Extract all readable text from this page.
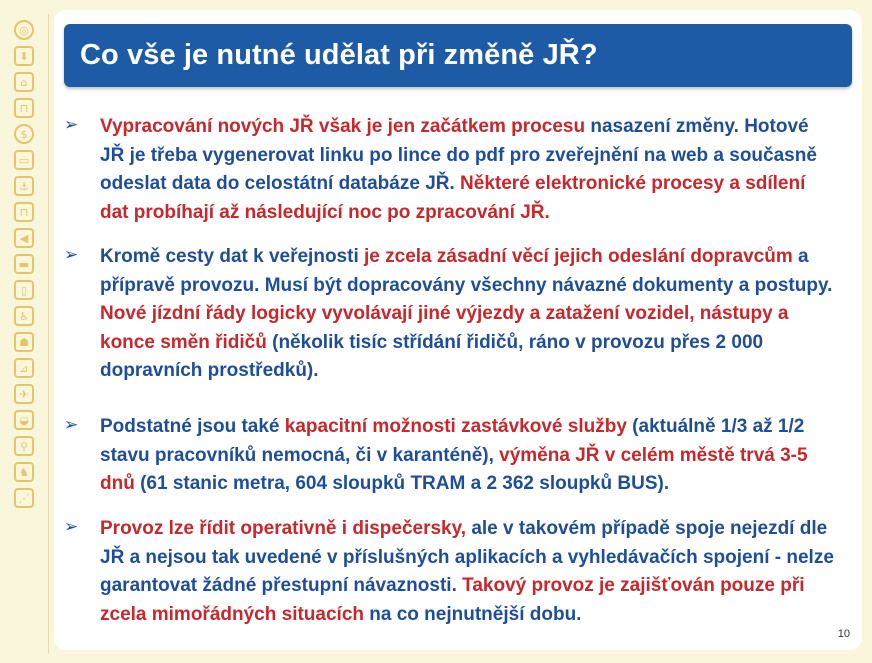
◎
⬇
⌂
⊓
$
▭
⚓
⊓
◀
▬
▯
♿
☗
⊿
✈
◒
⚲
♞
⋰
Co vše je nutné udělat při změně JŘ?
➢	Vypracování nových JŘ však je jen začátkem procesu nasazení změny. Hotové JŘ je třeba vygenerovat linku po lince do pdf pro zveřejnění na web a současně odeslat data do celostátní databáze JŘ. Některé elektronické procesy a sdílení dat probíhají až následující noc po zpracování JŘ.

➢	Kromě cesty dat k veřejnosti je zcela zásadní věcí jejich odeslání dopravcům a přípravě provozu. Musí být dopracovány všechny návazné dokumenty a postupy. Nové jízdní řády logicky vyvolávají jiné výjezdy a zatažení vozidel, nástupy a konce směn řidičů (několik tisíc střídání řidičů, ráno v provozu přes 2 000 dopravních prostředků).

➢	Podstatné jsou také kapacitní možnosti zastávkové služby (aktuálně 1/3 až 1/2 stavu pracovníků nemocná, či v karanténě), výměna JŘ v celém městě trvá 3-5 dnů (61 stanic metra, 604 sloupků TRAM a 2 362 sloupků BUS).

➢	Provoz lze řídit operativně i dispečersky, ale v takovém případě spoje nejezdí dle JŘ a nejsou tak uvedené v příslušných aplikacích a vyhledávačích spojení - nelze garantovat žádné přestupní návaznosti. Takový provoz je zajišťován pouze při zcela mimořádných situacích na co nejnutnější dobu.

10
